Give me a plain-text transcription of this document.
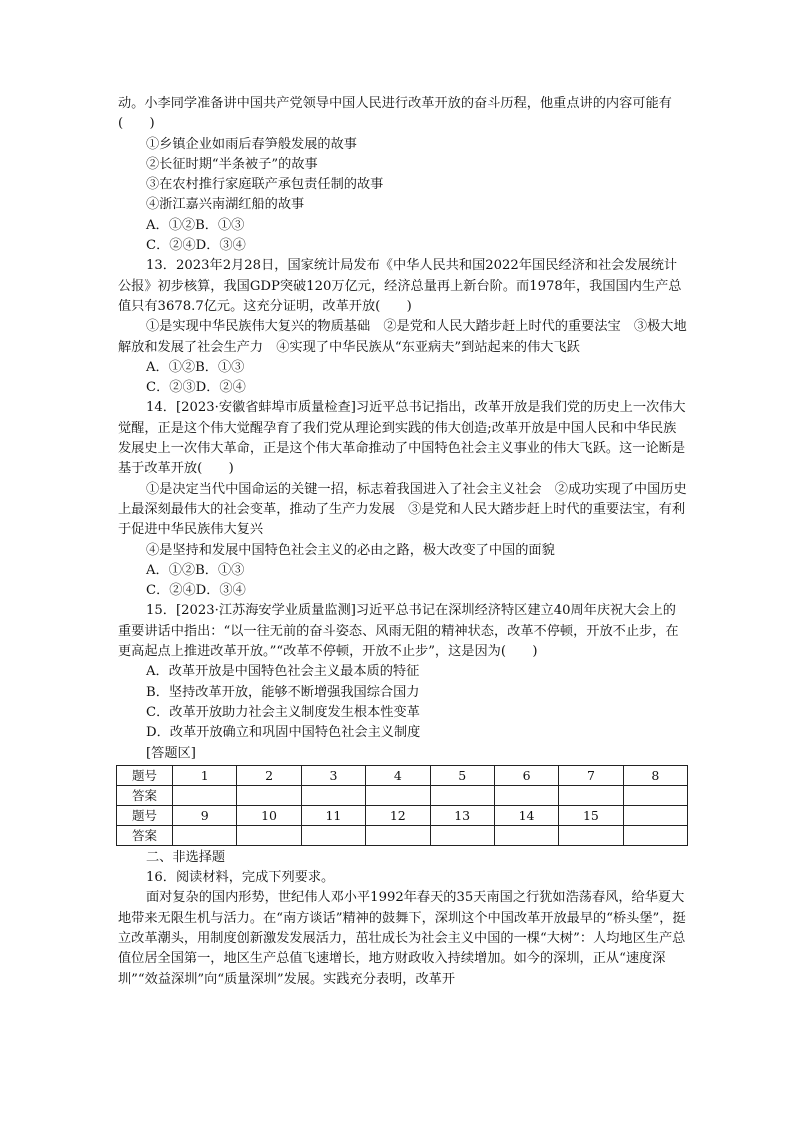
动。小李同学准备讲中国共产党领导中国人民进行改革开放的奋斗历程，他重点讲的内容可能有(　　)

①乡镇企业如雨后春笋般发展的故事

②长征时期“半条被子”的故事

③在农村推行家庭联产承包责任制的故事

④浙江嘉兴南湖红船的故事

A．①②B．①③

C．②④D．③④

13．2023年2月28日，国家统计局发布《中华人民共和国2022年国民经济和社会发展统计公报》初步核算，我国GDP突破120万亿元，经济总量再上新台阶。而1978年，我国国内生产总值只有3678.7亿元。这充分证明，改革开放(　　)

①是实现中华民族伟大复兴的物质基础　②是党和人民大踏步赶上时代的重要法宝　③极大地解放和发展了社会生产力　④实现了中华民族从“东亚病夫”到站起来的伟大飞跃

A．①②B．①③

C．②③D．②④

14．[2023·安徽省蚌埠市质量检查]习近平总书记指出，改革开放是我们党的历史上一次伟大觉醒，正是这个伟大觉醒孕育了我们党从理论到实践的伟大创造;改革开放是中国人民和中华民族发展史上一次伟大革命，正是这个伟大革命推动了中国特色社会主义事业的伟大飞跃。这一论断是基于改革开放(　　)

①是决定当代中国命运的关键一招，标志着我国进入了社会主义社会　②成功实现了中国历史上最深刻最伟大的社会变革，推动了生产力发展　③是党和人民大踏步赶上时代的重要法宝，有利于促进中华民族伟大复兴

④是坚持和发展中国特色社会主义的必由之路，极大改变了中国的面貌

A．①②B．①③

C．②④D．③④

15．[2023·江苏海安学业质量监测]习近平总书记在深圳经济特区建立40周年庆祝大会上的重要讲话中指出：“以一往无前的奋斗姿态、风雨无阻的精神状态，改革不停顿，开放不止步，在更高起点上推进改革开放。”“改革不停顿，开放不止步”，这是因为(　　)

A．改革开放是中国特色社会主义最本质的特征

B．坚持改革开放，能够不断增强我国综合国力

C．改革开放助力社会主义制度发生根本性变革

D．改革开放确立和巩固中国特色社会主义制度

[答题区]

题号	1	2	3	4	5	6	7	8
答案								
题号	9	10	11	12	13	14	15	
答案								

二、非选择题

16．阅读材料，完成下列要求。

面对复杂的国内形势，世纪伟人邓小平1992年春天的35天南国之行犹如浩荡春风，给华夏大地带来无限生机与活力。在“南方谈话”精神的鼓舞下，深圳这个中国改革开放最早的“桥头堡”，挺立改革潮头，用制度创新激发发展活力，茁壮成长为社会主义中国的一棵“大树”：人均地区生产总值位居全国第一，地区生产总值飞速增长，地方财政收入持续增加。如今的深圳，正从“速度深圳”“效益深圳”向“质量深圳”发展。实践充分表明，改革开
